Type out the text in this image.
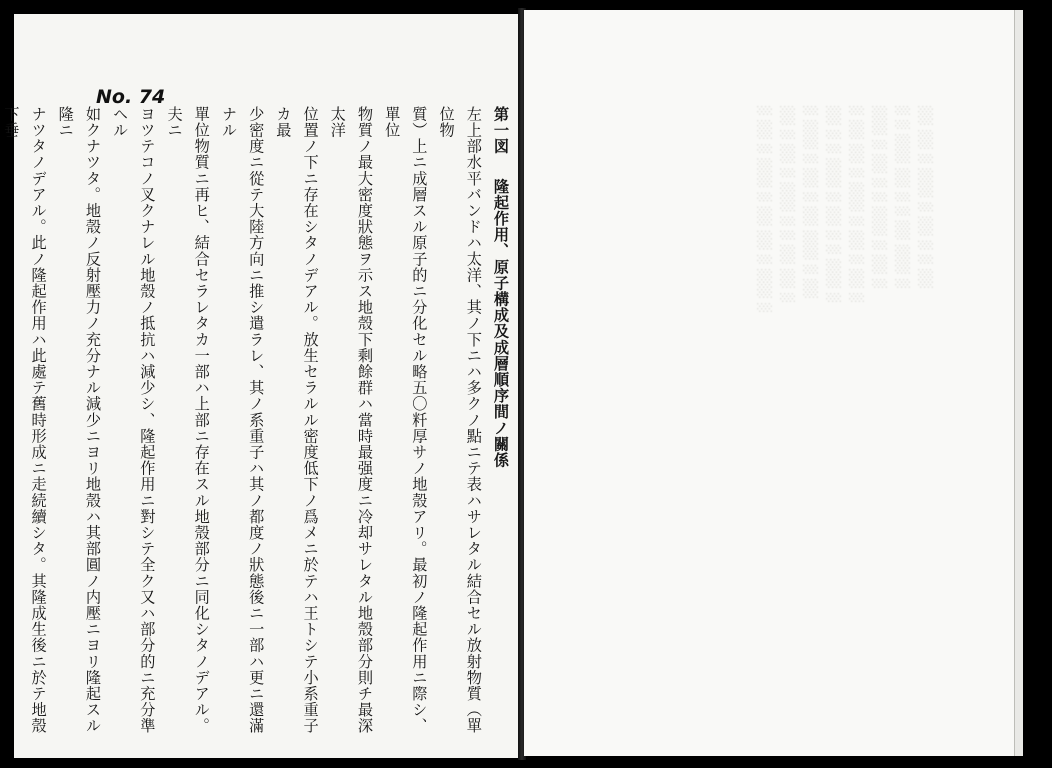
No. 74
第一図　隆起作用、原子構成及成層順序間ノ關係
左上部水平バンドハ太洋、其ノ下ニハ多クノ點ニテ表ハサレタル結合セル放射物質（單位物
質）上ニ成層スル原子的ニ分化セル略五〇粁厚サノ地殼アリ。最初ノ隆起作用ニ際シ、單位
物質ノ最大密度狀態ヲ示ス地殼下剩餘群ハ當時最强度ニ冷却サレタル地殼部分則チ最深太洋
位置ノ下ニ存在シタノデアル。放生セラルル密度低下ノ爲メニ於テハ王トシテ小系重子カ最
少密度ニ從テ大陸方向ニ推シ遣ラレ、其ノ系重子ハ其ノ都度ノ狀態後ニ一部ハ更ニ還滿ナル
單位物質ニ再ヒ、結合セラレタカ一部ハ上部ニ存在スル地殼部分ニ同化シタノデアル。夫ニ
ヨツテコノ叉クナレル地殼ノ抵抗ハ減少シ、隆起作用ニ對シテ全ク又ハ部分的ニ充分準ヘル
如クナツタ。地殼ノ反射壓力ノ充分ナル減少ニヨリ地殼ハ其部圓ノ内壓ニヨリ隆起スル隆ニ
ナツタノデアル。此ノ隆起作用ハ此處テ舊時形成ニ走続續シタ。其隆成生後ニ於テ地殼下垂	░ ░░ ░ ░░░ ░ ░░ ░░ ░ ░░░ ░ ░░ ░ ░░ ░ ░░░ ░ ░ ░░ ░░ ░ ░ ░░░ ░ ░░ ░ ░░ ░░░ ░ ░░ ░░ ░ ░ ░░░ ░ ░░ ░ ░ ░░░ ░ ░ ░░ ░░ ░ ░░░ ░ ░░ ░ ░░ ░ ░░░ ░ ░░ ░ ░ ░░░ ░ ░░ ░ ░ ░ ░░░ ░░ ░ ░ ░░ ░░░ ░ ░░ ░░ ░ ░░░ ░ ░░ ░ ░ ░░
